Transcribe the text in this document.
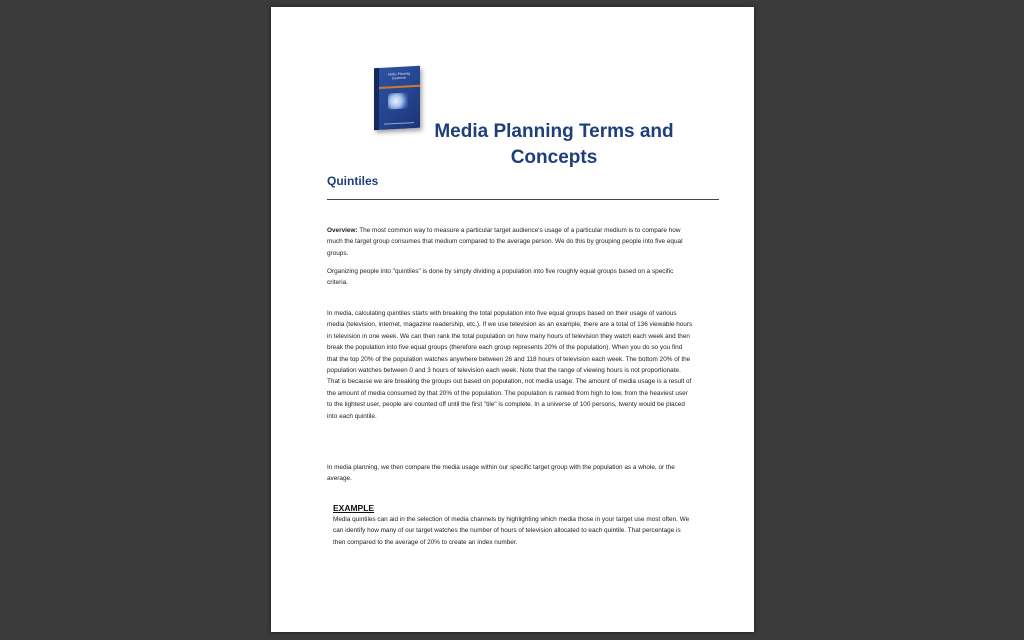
Media Planning
Essentials
Media Planning Terms and
Concepts
Quintiles

Overview: The most common way to measure a particular target audience's usage of a particular medium is to compare how much the target group consumes that medium compared to the average person. We do this by grouping people into five equal groups.

Organizing people into "quintiles" is done by simply dividing a population into five roughly equal groups based on a specific criteria.

In media, calculating quintiles starts with breaking the total population into five equal groups based on their usage of various media (television, internet, magazine readership, etc.). If we use television as an example, there are a total of 136 viewable hours in television in one week. We can then rank the total population on how many hours of television they watch each week and then break the population into five equal groups (therefore each group represents 20% of the population). When you do so you find that the top 20% of the population watches anywhere between 26 and 118 hours of television each week. The bottom 20% of the population watches between 0 and 3 hours of television each week. Note that the range of viewing hours is not proportionate. That is because we are breaking the groups out based on population, not media usage. The amount of media usage is a result of the amount of media consumed by that 20% of the population. The population is ranked from high to low, from the heaviest user to the lightest user, people are counted off until the first "tile" is complete. In a universe of 100 persons, twenty would be placed into each quintile.

In media planning, we then compare the media usage within our specific target group with the population as a whole, or the average.

EXAMPLE

Media quintiles can aid in the selection of media channels by highlighting which media those in your target use most often. We can identify how many of our target watches the number of hours of television allocated to each quintile. That percentage is then compared to the average of 20% to create an index number.
